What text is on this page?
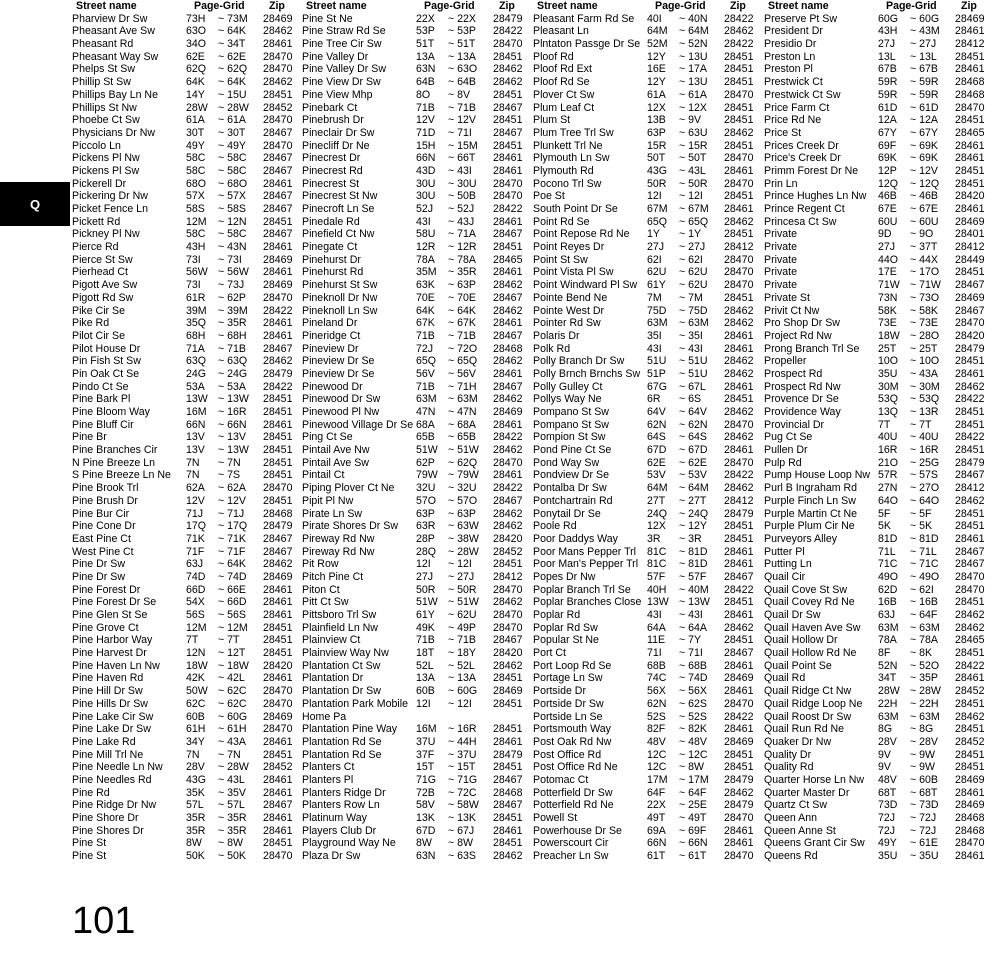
Q
Street name	Page-Grid Zip
Pharview Dr Sw	73H ~ 73M 28469
Pheasant Ave Sw	63O ~ 64K 28462
Pheasant Rd	34O ~ 34T 28461
Pheasant Way Sw	62E ~ 62E 28470
Phelps St Sw	62Q ~ 62Q 28470
Phillip St Sw	64K ~ 64K 28462
Phillips Bay Ln Ne	14Y ~ 15U 28451
Phillips St Nw	28W ~ 28W 28452
Phoebe Ct Sw	61A ~ 61A 28470
Physicians Dr Nw	30T ~ 30T 28467
Piccolo Ln	49Y ~ 49Y 28470
Pickens Pl Nw	58C ~ 58C 28467
Pickens Pl Sw	58C ~ 58C 28467
Pickerell Dr	68O ~ 68O 28461
Pickering Dr Nw	57X ~ 57X 28467
Picket Fence Ln	58S ~ 58S 28467
Pickett Rd	12M ~ 12N 28451
Pickney Pl Nw	58C ~ 58C 28467
Pierce Rd	43H ~ 43N 28461
Pierce St Sw	73I ~ 73I 28469
Pierhead Ct	56W ~ 56W 28461
Pigott Ave Sw	73I ~ 73J 28469
Pigott Rd Sw	61R ~ 62P 28470
Pike Cir Se	39M ~ 39M 28422
Pike Rd	35Q ~ 35R 28461
Pilot Cir Se	68H ~ 68H 28461
Pilot House Dr	71A ~ 71B 28467
Pin Fish St Sw	63Q ~ 63Q 28462
Pin Oak Ct Se	24G ~ 24G 28479
Pindo Ct Se	53A ~ 53A 28422
Pine Bark Pl	13W ~ 13W 28451
Pine Bloom Way	16M ~ 16R 28451
Pine Bluff Cir	66N ~ 66N 28461
Pine Br	13V ~ 13V 28451
Pine Branches Cir	13V ~ 13W 28451
N Pine Breeze Ln	7N ~ 7N 28451
S Pine Breeze Ln Ne	7N ~ 7S 28451
Pine Brook Trl	62A ~ 62A 28470
Pine Brush Dr	12V ~ 12V 28451
Pine Bur Cir	71J ~ 71J 28468
Pine Cone Dr	17Q ~ 17Q 28479
East Pine Ct	71K ~ 71K 28467
West Pine Ct	71F ~ 71F 28467
Pine Dr Sw	63J ~ 64K 28462
Pine Dr Sw	74D ~ 74D 28469
Pine Forest Dr	66D ~ 66E 28461
Pine Forest Dr Se	54X ~ 66D 28461
Pine Glen St Se	56S ~ 56S 28461
Pine Grove Ct	12M ~ 12M 28451
Pine Harbor Way	7T ~ 7T 28451
Pine Harvest Dr	12N ~ 12T 28451
Pine Haven Ln Nw	18W ~ 18W 28420
Pine Haven Rd	42K ~ 42L 28461
Pine Hill Dr Sw	50W ~ 62C 28470
Pine Hills Dr Sw	62C ~ 62C 28470
Pine Lake Cir Sw	60B ~ 60G 28469
Pine Lake Dr Sw	61H ~ 61H 28470
Pine Lake Rd	34Y ~ 43A 28461
Pine Mill Trl Ne	7N ~ 7N 28451
Pine Needle Ln Nw	28V ~ 28W 28452
Pine Needles Rd	43G ~ 43L 28461
Pine Rd	35K ~ 35V 28461
Pine Ridge Dr Nw	57L ~ 57L 28467
Pine Shore Dr	35R ~ 35R 28461
Pine Shores Dr	35R ~ 35R 28461
Pine St	8W ~ 8W 28451
Pine St	50K ~ 50K 28470
Street name	Page-Grid Zip
Pine St Ne	22X ~ 22X 28479
Pine Straw Rd Se	53P ~ 53P 28422
Pine Tree Cir Sw	51T ~ 51T 28470
Pine Valley Dr	13A ~ 13A 28451
Pine Valley Dr Sw	63N ~ 63O 28462
Pine View Dr Sw	64B ~ 64B 28462
Pine View Mhp	8O ~ 8V 28451
Pinebark Ct	71B ~ 71B 28467
Pinebrush Dr	12V ~ 12V 28451
Pineclair Dr Sw	71D ~ 71I 28467
Pinecliff Dr Ne	15H ~ 15M 28451
Pinecrest Dr	66N ~ 66T 28461
Pinecrest Rd	43D ~ 43I 28461
Pinecrest St	30U ~ 30U 28470
Pinecrest St Nw	30U ~ 50B 28470
Pinecroft Ln Se	52J ~ 52J 28422
Pinedale Rd	43I ~ 43J 28461
Pinefield Ct Nw	58U ~ 71A 28467
Pinegate Ct	12R ~ 12R 28451
Pinehurst Dr	78A ~ 78A 28465
Pinehurst Rd	35M ~ 35R 28461
Pinehurst St Sw	63K ~ 63P 28462
Pineknoll Dr Nw	70E ~ 70E 28467
Pineknoll Ln Sw	64K ~ 64K 28462
Pineland Dr	67K ~ 67K 28461
Pineridge Ct	71B ~ 71B 28467
Pineview Dr	72J ~ 72O 28468
Pineview Dr Se	65Q ~ 65Q 28462
Pineview Dr Se	56V ~ 56V 28461
Pinewood Dr	71B ~ 71H 28467
Pinewood Dr Sw	63M ~ 63M 28462
Pinewood Pl Nw	47N ~ 47N 28469
Pinewood Village Dr Se 68A ~ 68A 28461
Ping Ct Se	65B ~ 65B 28422
Pintail Ave Nw	51W ~ 51W 28462
Pintail Ave Sw	62P ~ 62Q 28470
Pintail Ct	79W ~ 79W 28461
Piping Plover Ct Ne	32U ~ 32U 28422
Pipit Pl Nw	57O ~ 57O 28467
Pirate Ln Sw	63P ~ 63P 28462
Pirate Shores Dr Sw	63R ~ 63W 28462
Pireway Rd Nw	28P ~ 38W 28420
Pireway Rd Nw	28Q ~ 28W 28452
Pit Row	12I ~ 12I 28451
Pitch Pine Ct	27J ~ 27J 28412
Piton Ct	50R ~ 50R 28470
Pitt Ct Sw	51W ~ 51W 28462
Pittsboro Trl Sw	61Y ~ 62U 28470
Plainfield Ln Nw	49K ~ 49P 28470
Plainview Ct	71B ~ 71B 28467
Plainview Way Nw	18T ~ 18Y 28420
Plantation Ct Sw	52L ~ 52L 28462
Plantation Dr	13A ~ 13A 28451
Plantation Dr Sw	60B ~ 60G 28469
Plantation Park Mobile 12I ~ 12I 28451
Home Pa
Plantation Pine Way	16M ~ 16R 28451
Plantation Rd Se	37U ~ 44H 28461
Plantation Rd Se	37F ~ 37U 28479
Planters Ct	15T ~ 15T 28451
Planters Pl	71G ~ 71G 28467
Planters Ridge Dr	72B ~ 72C 28468
Planters Row Ln	58V ~ 58W 28467
Platinum Way	13K ~ 13K 28451
Players Club Dr	67D ~ 67J 28461
Playground Way Ne	8W ~ 8W 28451
Plaza Dr Sw	63N ~ 63S 28462
Street name	Page-Grid Zip
Pleasant Farm Rd Se	40I ~ 40N 28422
Pleasant Ln	64M ~ 64M 28462
Plntaton Passge Dr Se 52M ~ 52N 28422
Ploof Rd	12Y ~ 13U 28451
Ploof Rd Ext	16E ~ 17A 28451
Ploof Rd Se	12Y ~ 13U 28451
Plover Ct Sw	61A ~ 61A 28470
Plum Leaf Ct	12X ~ 12X 28451
Plum St	13B ~ 9V 28451
Plum Tree Trl Sw	63P ~ 63U 28462
Plunkett Trl Ne	15R ~ 15R 28451
Plymouth Ln Sw	50T ~ 50T 28470
Plymouth Rd	43G ~ 43L 28461
Pocono Trl Sw	50R ~ 50R 28470
Poe St	12I ~ 12I 28451
South Point Dr Se	67M ~ 67M 28461
Point Rd Se	65Q ~ 65Q 28462
Point Repose Rd Ne	1Y ~ 1Y 28451
Point Reyes Dr	27J ~ 27J 28412
Point St Sw	62I ~ 62I 28470
Point Vista Pl Sw	62U ~ 62U 28470
Point Windward Pl Sw 61Y ~ 62U 28470
Pointe Bend Ne	7M ~ 7M 28451
Pointe West Dr	75D ~ 75D 28462
Pointer Rd Sw	63M ~ 63M 28462
Polaris Dr	35I ~ 35I 28461
Polk Rd	43I ~ 43I 28461
Polly Branch Dr Sw	51U ~ 51U 28462
Polly Brnch Brnchs Sw 51P ~ 51U 28462
Polly Gulley Ct	67G ~ 67L 28461
Pollys Way Ne	6R ~ 6S 28451
Pompano St Sw	64V ~ 64V 28462
Pompano St Sw	62N ~ 62N 28470
Pompion St Sw	64S ~ 64S 28462
Pond Pine Ct Se	67D ~ 67D 28461
Pond Way Sw	62E ~ 62E 28470
Pondview Dr Se	53V ~ 53V 28422
Pontalba Dr Sw	64M ~ 64M 28462
Pontchartrain Rd	27T ~ 27T 28412
Ponytail Dr Se	24Q ~ 24Q 28479
Poole Rd	12X ~ 12Y 28451
Poor Daddys Way	3R ~ 3R 28451
Poor Mans Pepper Trl	81C ~ 81D 28461
Poor Man's Pepper Trl 81C ~ 81D 28461
Popes Dr Nw	57F ~ 57F 28467
Poplar Branch Trl Se	40H ~ 40M 28422
Poplar Branches Close 13W ~ 13W 28451
Poplar Rd	43I ~ 43I 28461
Poplar Rd Sw	64A ~ 64A 28462
Popular St Ne	11E ~ 7Y 28451
Port Ct	71I ~ 71I 28467
Port Loop Rd Se	68B ~ 68B 28461
Portage Ln Sw	74C ~ 74D 28469
Portside Dr	56X ~ 56X 28461
Portside Dr Sw	62N ~ 62S 28470
Portside Ln Se	52S ~ 52S 28422
Portsmouth Way	82F ~ 82K 28461
Post Oak Rd Nw	48V ~ 48V 28469
Post Office Rd	12C ~ 12C 28451
Post Office Rd Ne	12C ~ 8W 28451
Potomac Ct	17M ~ 17M 28479
Potterfield Dr Sw	64F ~ 64F 28462
Potterfield Rd Ne	22X ~ 25E 28479
Powell St	49T ~ 49T 28470
Powerhouse Dr Se	69A ~ 69F 28461
Powerscourt Cir	66N ~ 66N 28461
Preacher Ln Sw	61T ~ 61T 28470
Street name	Page-Grid Zip
Preserve Pt Sw	60G ~ 60G 28469
President Dr	43H ~ 43M 28461
Presidio Dr	27J ~ 27J 28412
Preston Ln	13L ~ 13L 28451
Preston Pl	67B ~ 67B 28461
Prestwick Ct	59R ~ 59R 28468
Prestwick Ct Sw	59R ~ 59R 28468
Price Farm Ct	61D ~ 61D 28470
Price Rd Ne	12A ~ 12A 28451
Price St	67Y ~ 67Y 28465
Prices Creek Dr	69F ~ 69K 28461
Price's Creek Dr	69K ~ 69K 28461
Primm Forest Dr Ne	12P ~ 12V 28451
Prin Ln	12Q ~ 12Q 28451
Prince Hughes Ln Nw	46B ~ 46B 28420
Prince Regent Ct	67E ~ 67E 28461
Princesa Ct Sw	60U ~ 60U 28469
Private	9D ~ 9O 28401
Private	27J ~ 37T 28412
Private	44O ~ 44X 28449
Private	17E ~ 17O 28451
Private	71W ~ 71W 28467
Private St	73N ~ 73O 28469
Privit Ct Nw	58K ~ 58K 28467
Pro Shop Dr Sw	73E ~ 73E 28470
Project Rd Nw	18W ~ 28O 28420
Prong Branch Trl Se	25T ~ 25T 28479
Propeller	10O ~ 10O 28451
Prospect Rd	35U ~ 43A 28461
Prospect Rd Nw	30M ~ 30M 28462
Provence Dr Se	53Q ~ 53Q 28422
Providence Way	13Q ~ 13R 28451
Provincial Dr	7T ~ 7T 28451
Pug Ct Se	40U ~ 40U 28422
Pullen Dr	16R ~ 16R 28451
Pulp Rd	21O ~ 25G 28479
Pump House Loop Nw 57R ~ 57S 28467
Purl B Ingraham Rd	27N ~ 27O 28412
Purple Finch Ln Sw	64O ~ 64O 28462
Purple Martin Ct Ne	5F ~ 5F 28451
Purple Plum Cir Ne	5K ~ 5K 28451
Purveyors Alley	81D ~ 81D 28461
Putter Pl	71L ~ 71L 28467
Putting Ln	71C ~ 71C 28467
Quail Cir	49O ~ 49O 28470
Quail Cove St Sw	62D ~ 62I 28470
Quail Covey Rd Ne	16B ~ 16B 28451
Quail Dr Sw	63J ~ 64F 28462
Quail Haven Ave Sw	63M ~ 63M 28462
Quail Hollow Dr	78A ~ 78A 28465
Quail Hollow Rd Ne	8F ~ 8K 28451
Quail Point Se	52N ~ 52O 28422
Quail Rd	34T ~ 35P 28461
Quail Ridge Ct Nw	28W ~ 28W 28452
Quail Ridge Loop Ne	22H ~ 22H 28451
Quail Roost Dr Sw	63M ~ 63M 28462
Quail Run Rd Ne	8G ~ 8G 28451
Quaker Dr Nw	28V ~ 28V 28452
Quality Dr	9V ~ 9W 28451
Quality Rd	9V ~ 9W 28451
Quarter Horse Ln Nw	48V ~ 60B 28469
Quarter Master Dr	68T ~ 68T 28461
Quartz Ct Sw	73D ~ 73D 28469
Queen Ann	72J ~ 72J 28468
Queen Anne St	72J ~ 72J 28468
Queens Grant Cir Sw	49Y ~ 61E 28470
Queens Rd	35U ~ 35U 28461
101
